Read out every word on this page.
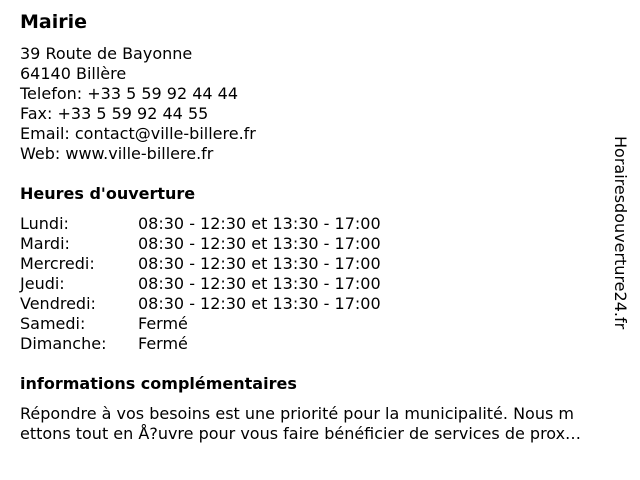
Mairie
39 Route de Bayonne
64140 Billère
Telefon: +33 5 59 92 44 44
Fax: +33 5 59 92 44 55
Email: contact@ville-billere.fr
Web: www.ville-billere.fr
Heures d'ouverture
Lundi:	08:30 - 12:30 et 13:30 - 17:00
Mardi:	08:30 - 12:30 et 13:30 - 17:00
Mercredi:	08:30 - 12:30 et 13:30 - 17:00
Jeudi:	08:30 - 12:30 et 13:30 - 17:00
Vendredi:	08:30 - 12:30 et 13:30 - 17:00
Samedi:	Fermé
Dimanche: Fermé
informations complémentaires
Répondre à vos besoins est une priorité pour la municipalité. Nous m
ettons tout en Å?uvre pour vous faire bénéficier de services de prox…
Horairesdouverture24.fr
